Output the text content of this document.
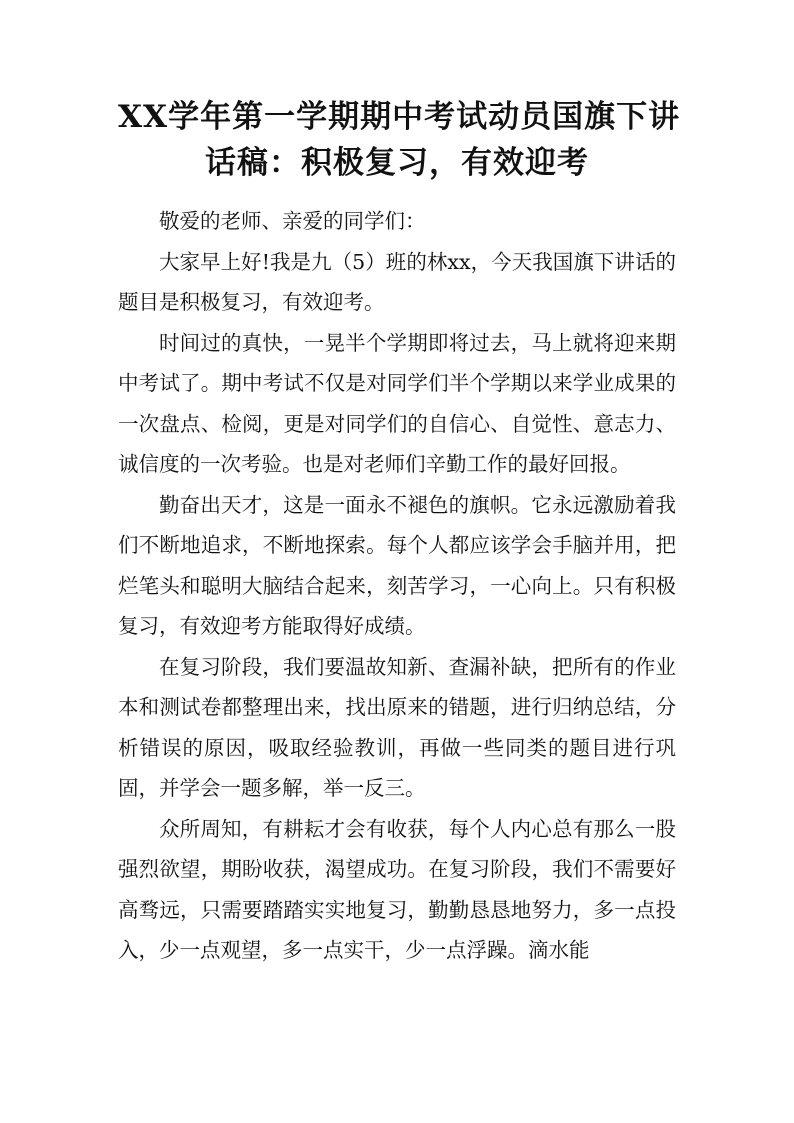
XX学年第一学期期中考试动员国旗下讲
话稿：积极复习，有效迎考

敬爱的老师、亲爱的同学们：

大家早上好!我是九（5）班的林xx，今天我国旗下讲话的题目是积极复习，有效迎考。

时间过的真快，一晃半个学期即将过去，马上就将迎来期中考试了。期中考试不仅是对同学们半个学期以来学业成果的一次盘点、检阅，更是对同学们的自信心、自觉性、意志力、诚信度的一次考验。也是对老师们辛勤工作的最好回报。

勤奋出天才，这是一面永不褪色的旗帜。它永远激励着我们不断地追求，不断地探索。每个人都应该学会手脑并用，把烂笔头和聪明大脑结合起来，刻苦学习，一心向上。只有积极复习，有效迎考方能取得好成绩。

在复习阶段，我们要温故知新、查漏补缺，把所有的作业本和测试卷都整理出来，找出原来的错题，进行归纳总结，分析错误的原因，吸取经验教训，再做一些同类的题目进行巩固，并学会一题多解，举一反三。

众所周知，有耕耘才会有收获，每个人内心总有那么一股强烈欲望，期盼收获，渴望成功。在复习阶段，我们不需要好高骛远，只需要踏踏实实地复习，勤勤恳恳地努力，多一点投入，少一点观望，多一点实干，少一点浮躁。滴水能
